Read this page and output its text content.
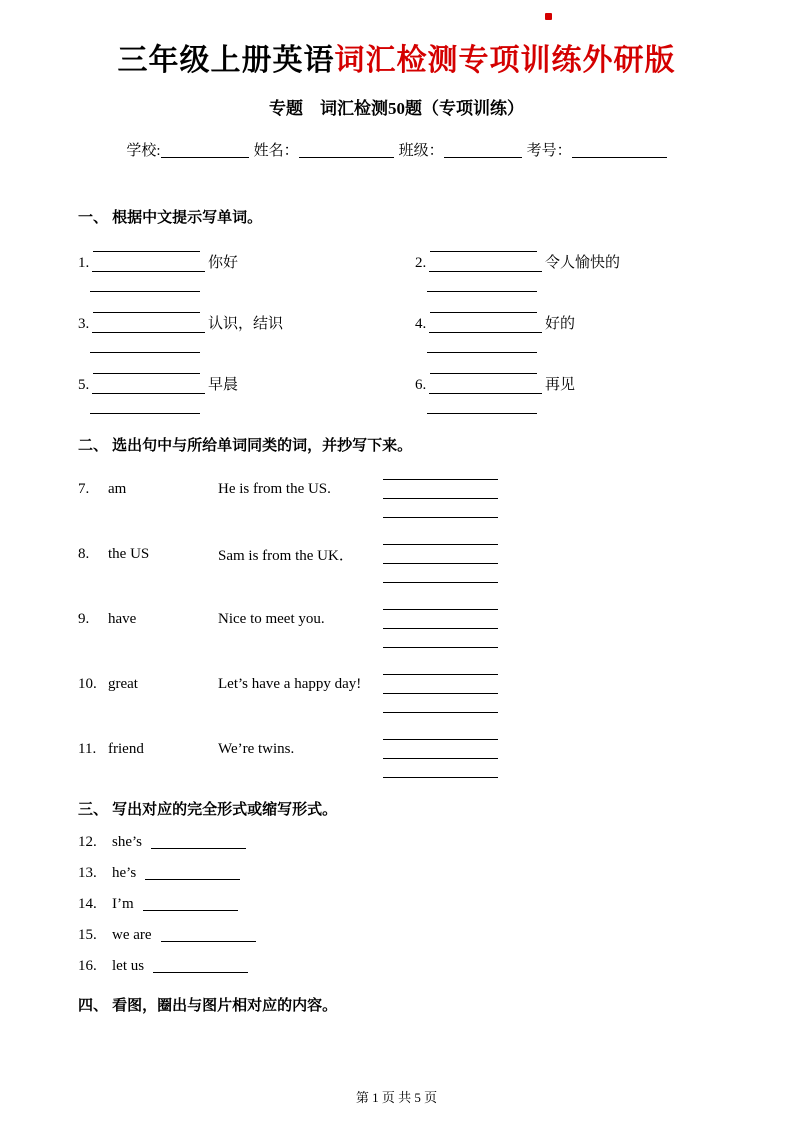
三年级上册英语词汇检测专项训练外研版
专题　词汇检测50题（专项训练）
学校:	姓名：	班级：	考号：
一、 根据中文提示写单词。
1.	你好	2.	令人愉快的
3.	认识，结识	4.	好的
5.	早晨	6.	再见
二、 选出句中与所给单词同类的词，并抄写下来。
7.	am	He is from the US.
8.	the US	Sam is from the UK．
9.	have	Nice to meet you.
10. great	Let’s have a happy day!
11. friend	We’re twins.
三、 写出对应的完全形式或缩写形式。
12. she’s
13. he’s
14. I’m
15. we are
16. let us
四、 看图，圈出与图片相对应的内容。
第 1 页 共 5 页
